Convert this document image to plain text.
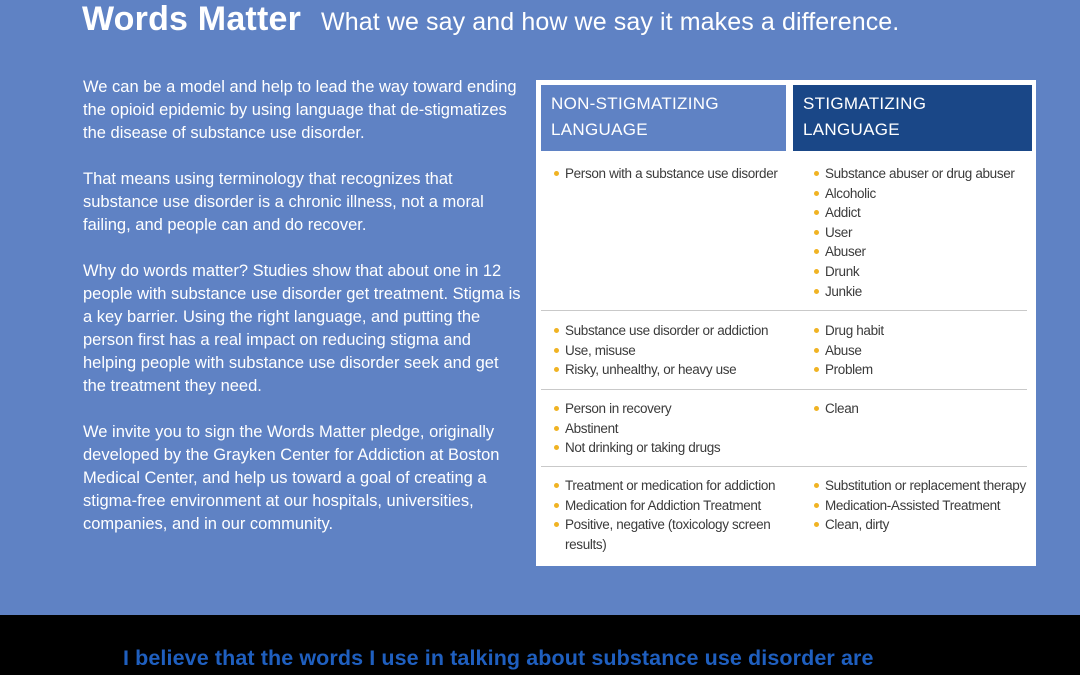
Words Matter What we say and how we say it makes a difference.

We can be a model and help to lead the way toward ending the opioid epidemic by using language that de-stigmatizes the disease of substance use disorder.

That means using terminology that recognizes that substance use disorder is a chronic illness, not a moral failing, and people can and do recover.

Why do words matter? Studies show that about one in 12 people with substance use disorder get treatment. Stigma is a key barrier. Using the right language, and putting the person first has a real impact on reducing stigma and helping people with substance use disorder seek and get the treatment they need.

We invite you to sign the Words Matter pledge, originally developed by the Grayken Center for Addiction at Boston Medical Center, and help us toward a goal of creating a stigma-free environment at our hospitals, universities, companies, and in our community.

NON-STIGMATIZING LANGUAGE
STIGMATIZING LANGUAGE
Person with a substance use disorder	Substance abuser or drug abuser
Alcoholic
Addict
User
Abuser
Drunk
Junkie
Substance use disorder or addiction
Use, misuse
Risky, unhealthy, or heavy use
Drug habit
Abuse
Problem
Person in recovery
Abstinent
Not drinking or taking drugs
Clean
Treatment or medication for addiction
Medication for Addiction Treatment
Positive, negative (toxicology screen results)
Substitution or replacement therapy
Medication-Assisted Treatment
Clean, dirty
I believe that the words I use in talking about substance use disorder are
